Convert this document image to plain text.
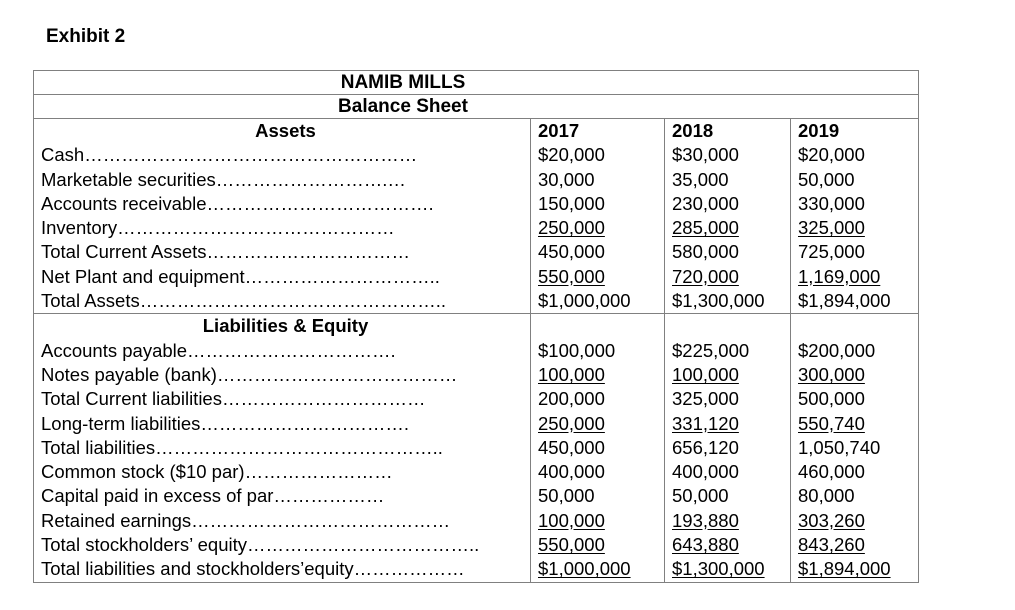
Exhibit 2
NAMIB MILLS
Balance Sheet
Assets
Cash………………………………………………
Marketable securities……………………….…
Accounts receivable……………………………….
Inventory………………………………………
Total Current Assets……………………………
Net Plant and equipment…………………………..
Total Assets…………………………………………..
2017
$20,000
30,000
150,000
250,000
450,000
550,000
$1,000,000
2018
$30,000
35,000
230,000
285,000
580,000
720,000
$1,300,000
2019
$20,000
50,000
330,000
325,000
725,000
1,169,000
$1,894,000
Liabilities & Equity
Accounts payable…………………………….
Notes payable (bank)…………………………………
Total Current liabilities……………………………
Long-term liabilities…………………………….
Total liabilities………………………………………..
Common stock ($10 par)……………………
Capital paid in excess of par………………
Retained earnings……………………………………
Total stockholders’ equity………………………………..
Total liabilities and stockholders’equity………………
$100,000
100,000
200,000
250,000
450,000
400,000
50,000
100,000
550,000
$1,000,000
$225,000
100,000
325,000
331,120
656,120
400,000
50,000
193,880
643,880
$1,300,000
$200,000
300,000
500,000
550,740
1,050,740
460,000
80,000
303,260
843,260
$1,894,000
